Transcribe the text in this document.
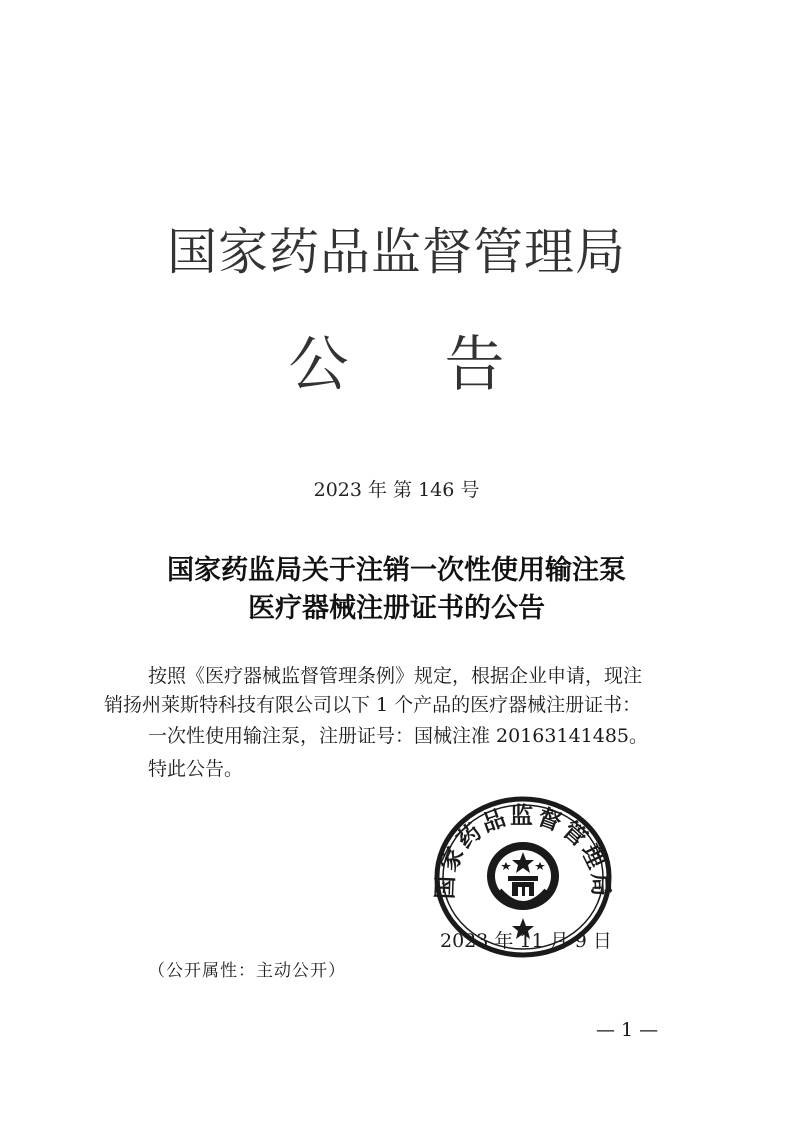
国家药品监督管理局
公 告
2023 年 第 146 号
国家药监局关于注销一次性使用输注泵
医疗器械注册证书的公告
按照《医疗器械监督管理条例》规定，根据企业申请，现注
销扬州莱斯特科技有限公司以下 1 个产品的医疗器械注册证书：
一次性使用输注泵，注册证号：国械注准 20163141485。
特此公告。
国家药品监督管理局
2023 年 11 月 9 日
（公开属性：主动公开）
— 1 —
